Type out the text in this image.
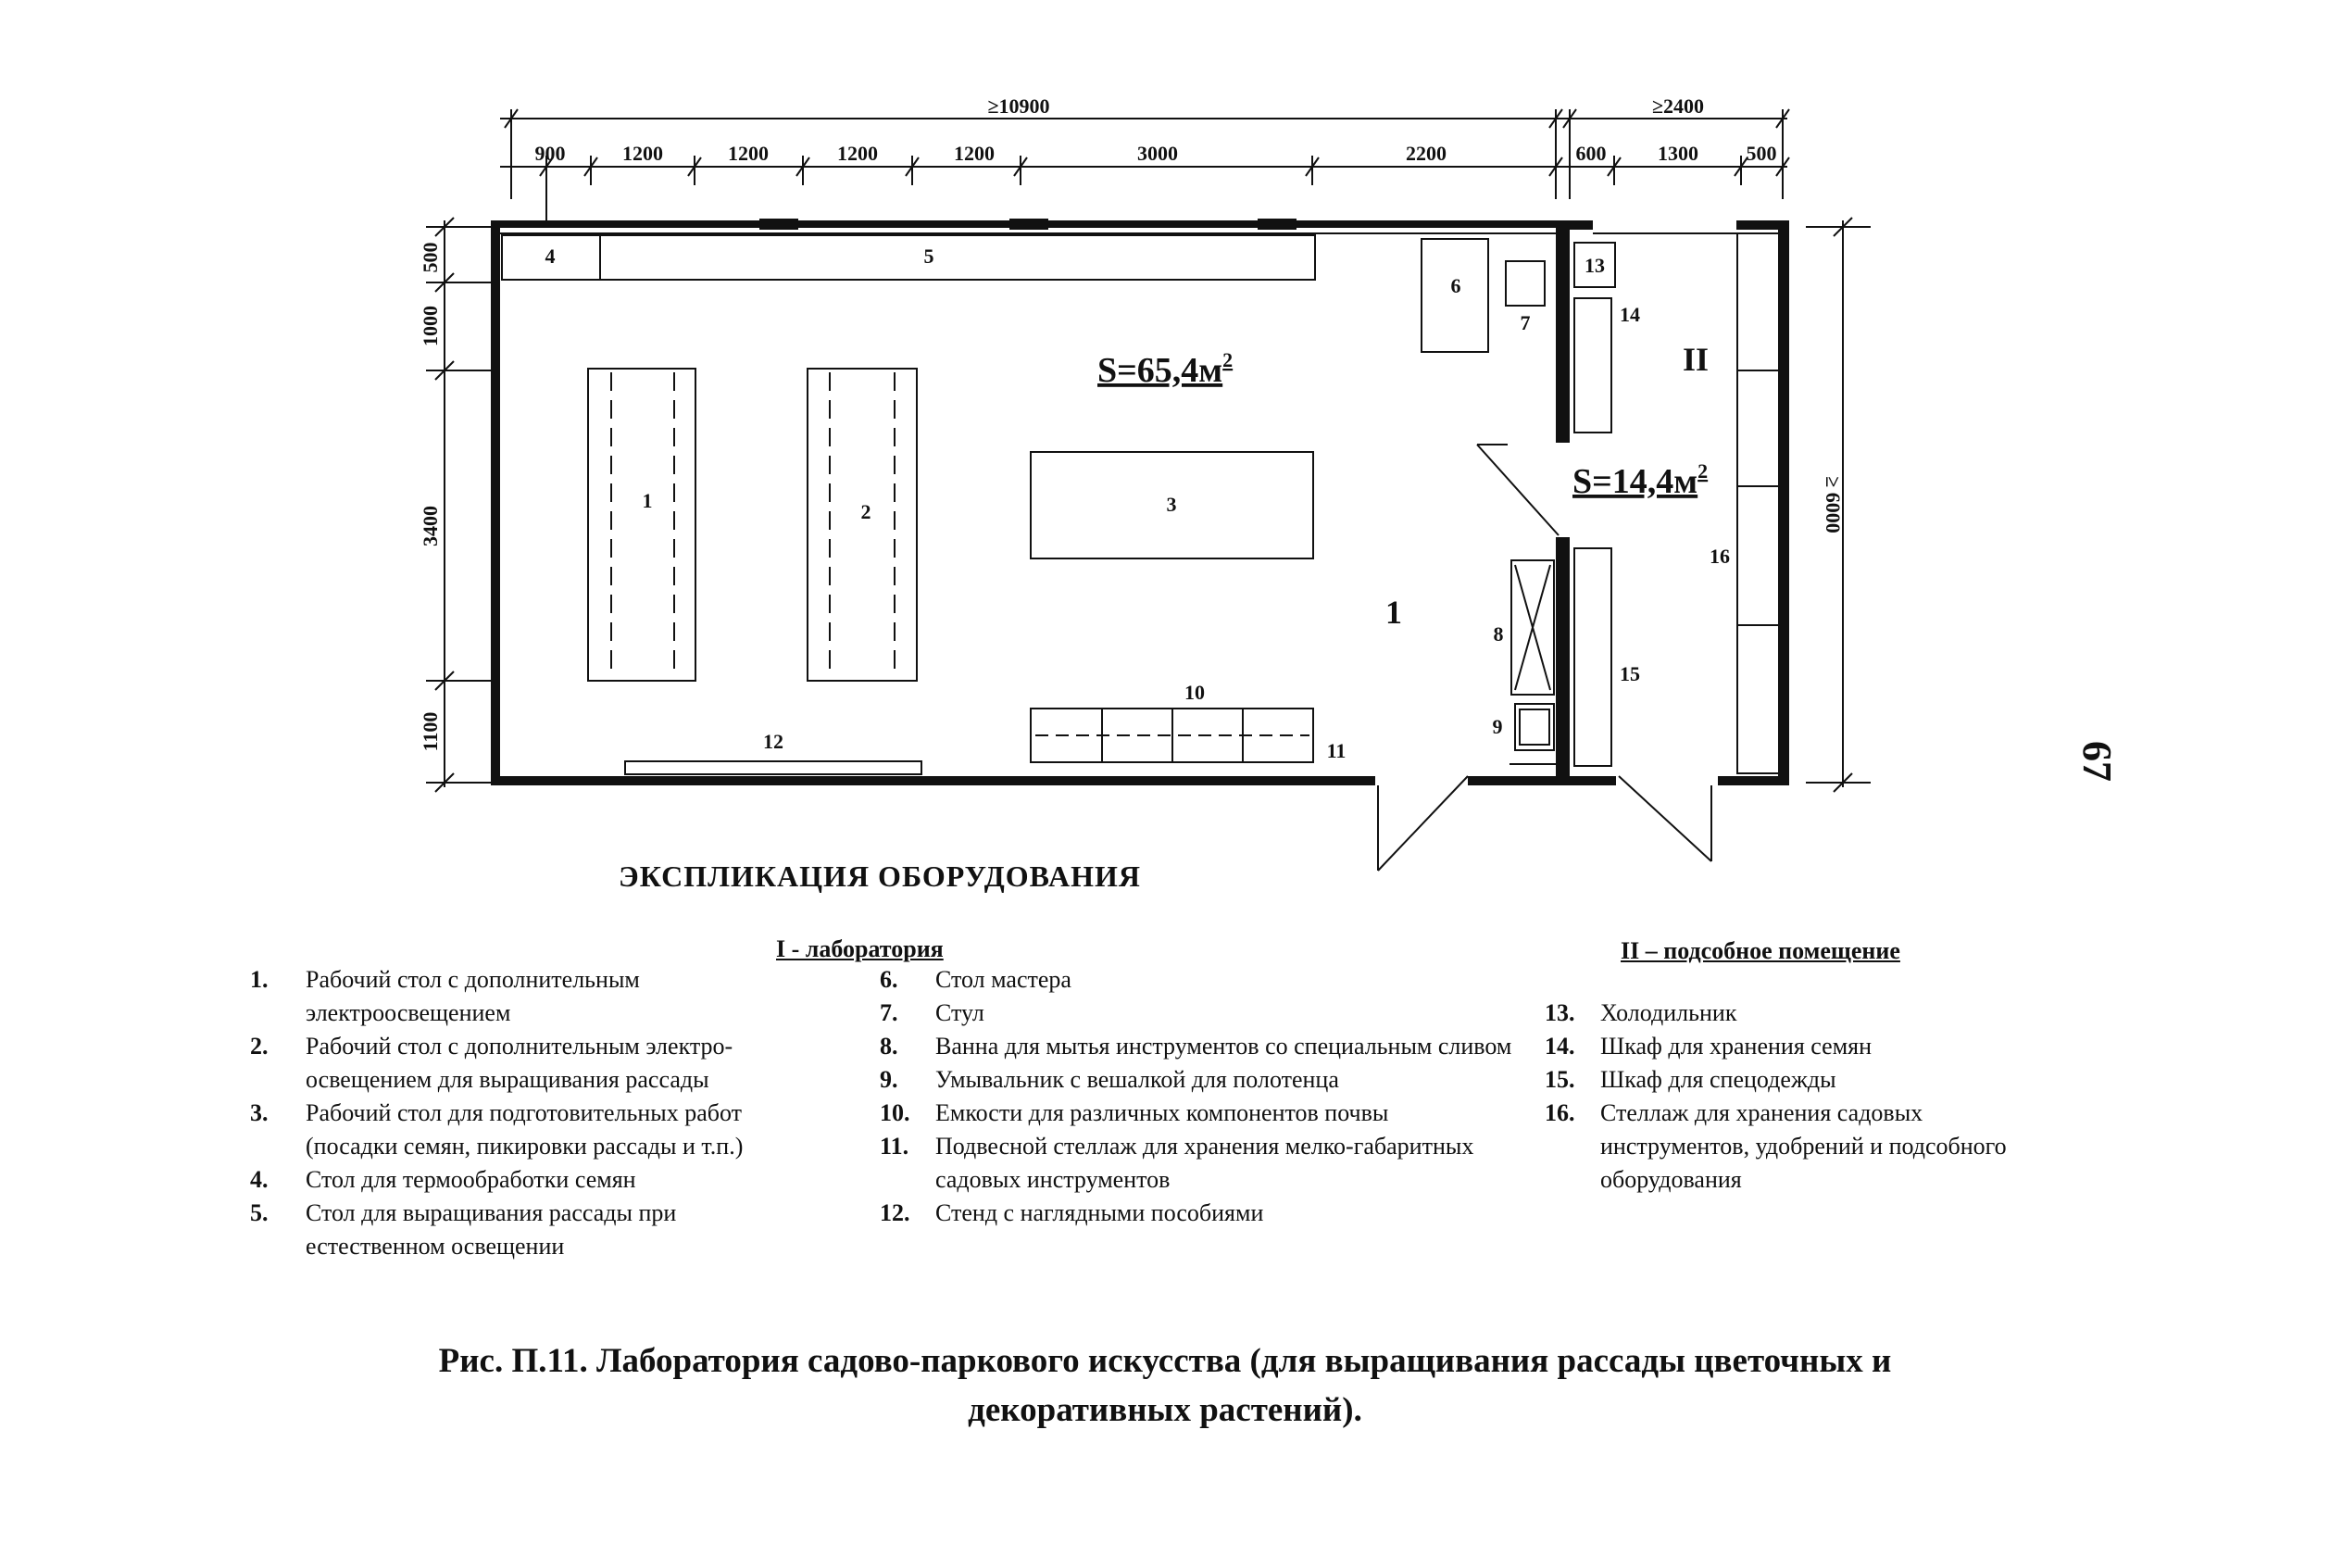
≥10900	≥2400
900	1200	1200	1200	1200	3000	2200	600	1300 500
500
1000
3400
1100
≥ 6000
4	5
1	2	3
6
7
8
9
10
11
12
13
14
15
16
1
II
$S=65,4м^2$
$S=14,4м^2$
ЭКСПЛИКАЦИЯ ОБОРУДОВАНИЯ
I - лаборатория	II – подсобное помещение
1.	Рабочий стол с дополнительным электроосвещением
2.	Рабочий стол с дополнительным электро-освещением для выращивания рассады
3.	Рабочий стол для подготовительных работ (посадки семян, пикировки рассады и т.п.)
4.	Стол для термообработки семян
5.	Стол для выращивания рассады при естественном освещении
6.	Стол мастера
7.	Стул
8.	Ванна для мытья инструментов со специальным сливом
9.	Умывальник с вешалкой для полотенца
10.	Емкости для различных компонентов почвы
11.	Подвесной стеллаж для хранения мелко-габаритных садовых инструментов
12.	Стенд с наглядными пособиями
13.	Холодильник
14.	Шкаф для хранения семян
15.	Шкаф для спецодежды
16.	Стеллаж для хранения садовых инструментов, удобрений и подсобного оборудования
Рис. П.11. Лаборатория садово-паркового искусства (для выращивания рассады цветочных и
декоративных растений).
67
